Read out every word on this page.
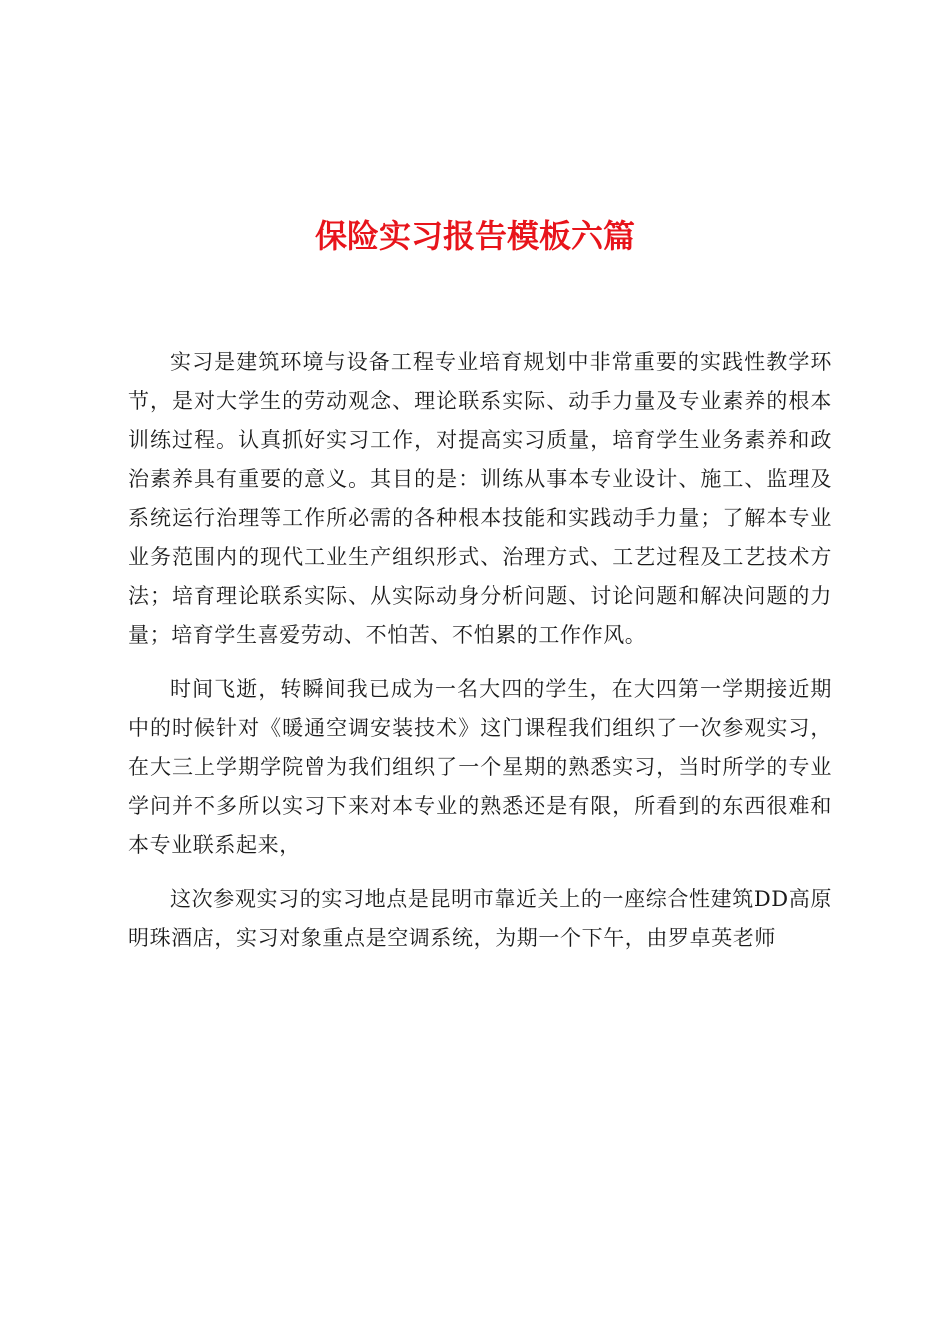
保险实习报告模板六篇

实习是建筑环境与设备工程专业培育规划中非常重要的实践性教学环节，是对大学生的劳动观念、理论联系实际、动手力量及专业素养的根本训练过程。认真抓好实习工作，对提高实习质量，培育学生业务素养和政治素养具有重要的意义。其目的是：训练从事本专业设计、施工、监理及系统运行治理等工作所必需的各种根本技能和实践动手力量；了解本专业业务范围内的现代工业生产组织形式、治理方式、工艺过程及工艺技术方法；培育理论联系实际、从实际动身分析问题、讨论问题和解决问题的力量；培育学生喜爱劳动、不怕苦、不怕累的工作作风。

时间飞逝，转瞬间我已成为一名大四的学生，在大四第一学期接近期中的时候针对《暖通空调安装技术》这门课程我们组织了一次参观实习，在大三上学期学院曾为我们组织了一个星期的熟悉实习，当时所学的专业学问并不多所以实习下来对本专业的熟悉还是有限，所看到的东西很难和本专业联系起来，

这次参观实习的实习地点是昆明市靠近关上的一座综合性建筑DD高原明珠酒店，实习对象重点是空调系统，为期一个下午，由罗卓英老师
